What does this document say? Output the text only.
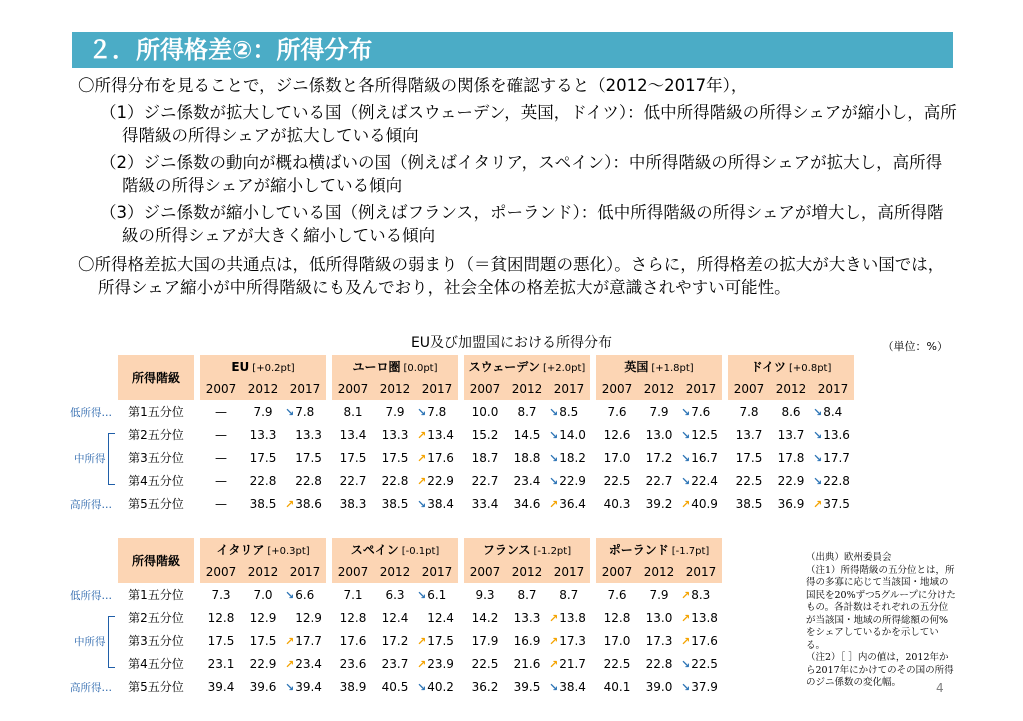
２．所得格差②：所得分布

〇所得分布を見ることで，ジニ係数と各所得階級の関係を確認すると（2012～2017年），

（1）ジニ係数が拡大している国（例えばスウェーデン，英国，ドイツ）：低中所得階級の所得シェアが縮小し，高所得階級の所得シェアが拡大している傾向

（2）ジニ係数の動向が概ね横ばいの国（例えばイタリア，スペイン）：中所得階級の所得シェアが拡大し，高所得階級の所得シェアが縮小している傾向

（3）ジニ係数が縮小している国（例えばフランス，ポーランド）：低中所得階級の所得シェアが増大し，高所得階級の所得シェアが大きく縮小している傾向

〇所得格差拡大国の共通点は，低所得階級の弱まり（＝貧困問題の悪化）。さらに，所得格差の拡大が大きい国では，所得シェア縮小が中所得階級にも及んでおり，社会全体の格差拡大が意識されやすい可能性。

EU及び加盟国における所得分布	（単位：%）
所得階級		EU [+0.2pt]				ユーロ圏 [0.0pt]				スウェーデン [+2.0pt]				英国 [+1.8pt]				ドイツ [+0.8pt]		
		2007	2012	2017		2007	2012	2017		2007	2012	2017		2007	2012	2017		2007	2012	2017
第1五分位		—	7.9	↘7.8		8.1	7.9	↘7.8		10.0	8.7	↘8.5		7.6	7.9	↘7.6		7.8	8.6	↘8.4
第2五分位		—	13.3	13.3		13.4	13.3	↗13.4		15.2	14.5	↘14.0		12.6	13.0	↘12.5		13.7	13.7	↘13.6
第3五分位		—	17.5	17.5		17.5	17.5	↗17.6		18.7	18.8	↘18.2		17.0	17.2	↘16.7		17.5	17.8	↘17.7
第4五分位		—	22.8	22.8		22.7	22.8	↗22.9		22.7	23.4	↘22.9		22.5	22.7	↘22.4		22.5	22.9	↘22.8
第5五分位		—	38.5	↗38.6		38.3	38.5	↘38.4		33.4	34.6	↗36.4		40.3	39.2	↗40.9		38.5	36.9	↗37.5
所得階級		イタリア [+0.3pt]				スペイン [-0.1pt]				フランス [-1.2pt]				ポーランド [-1.7pt]		
		2007	2012	2017		2007	2012	2017		2007	2012	2017		2007	2012	2017
第1五分位		7.3	7.0	↘6.6		7.1	6.3	↘6.1		9.3	8.7	8.7		7.6	7.9	↗8.3
第2五分位		12.8	12.9	12.9		12.8	12.4	12.4		14.2	13.3	↗13.8		12.8	13.0	↗13.8
第3五分位		17.5	17.5	↗17.7		17.6	17.2	↗17.5		17.9	16.9	↗17.3		17.0	17.3	↗17.6
第4五分位		23.1	22.9	↗23.4		23.6	23.7	↗23.9		22.5	21.6	↗21.7		22.5	22.8	↘22.5
第5五分位		39.4	39.6	↘39.4		38.9	40.5	↘40.2		36.2	39.5	↘38.4		40.1	39.0	↘37.9
低所得…
中所得
高所得…
低所得…
中所得
高所得…

（出典）欧州委員会

（注1）所得階級の五分位とは，所得の多寡に応じて当該国・地域の国民を20%ずつ5グループに分けたもの。各計数はそれぞれの五分位が当該国・地域の所得総額の何%をシェアしているかを示している。

（注2）［ ］内の値は，2012年から2017年にかけてのその国の所得のジニ係数の変化幅。	4
